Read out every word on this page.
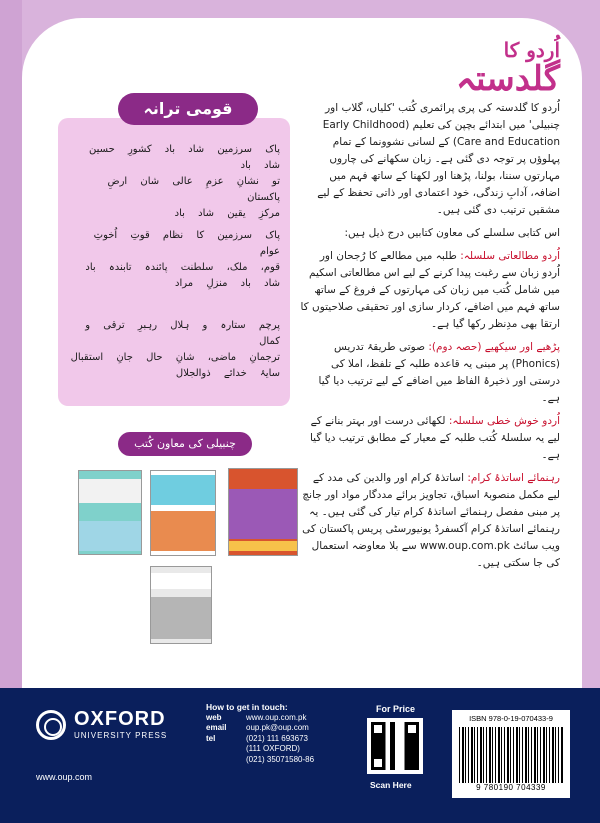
اُردو کا
گلدستہ
قومی ترانہ
پاک سرزمین شاد باد کشورِ حسین شاد باد
تو نشانِ عزمِ عالی شان ارضِ پاکستان
مرکزِ یقین شاد باد
پاک سرزمین کا نظام قوتِ اُخوتِ عوام
قوم، ملک، سلطنت پائندہ تابندہ باد
شاد باد منزلِ مراد
پرچم ستارہ و ہلال رہبرِ ترقی و کمال
ترجمانِ ماضی، شانِ حال جانِ استقبال
سایۂ خدائے ذوالجلال
چنبیلی کی معاون کُتب

اُردو کا گلدستہ کی پری پرائمری کُتب 'کلیاں، گلاب اور چنبیلی' میں ابتدائے بچپن کی تعلیم (Early Childhood Care and Education) کے لسانی نشوونما کے تمام پہلوؤں پر توجہ دی گئی ہے۔ زبان سکھانے کی چاروں مہارتوں سننا، بولنا، پڑھنا اور لکھنا کے ساتھ فہم میں اضافہ، آدابِ زندگی، خود اعتمادی اور ذاتی تحفظ کے لیے مشقیں ترتیب دی گئی ہیں۔

اس کتابی سلسلے کی معاون کتابیں درج ذیل ہیں:

اُردو مطالعاتی سلسلہ: طلبہ میں مطالعے کا رُجحان اور اُردو زبان سے رغبت پیدا کرنے کے لیے اس مطالعاتی اسکیم میں شامل کُتب میں زبان کی مہارتوں کے فروغ کے ساتھ ساتھ فہم میں اضافے، کردار سازی اور تحقیقی صلاحیتوں کا ارتقا بھی مدِنظر رکھا گیا ہے۔

پڑھیے اور سیکھیے (حصہ دوم): صوتی طریقۂ تدریس (Phonics) پر مبنی یہ قاعدہ طلبہ کے تلفظ، املا کی درستی اور ذخیرۂ الفاظ میں اضافے کے لیے ترتیب دیا گیا ہے۔

اُردو خوش خطی سلسلہ: لکھائی درست اور بہتر بنانے کے لیے یہ سلسلۂ کُتب طلبہ کے معیار کے مطابق ترتیب دیا گیا ہے۔

رہنمائے اساتذۂ کرام: اساتذۂ کرام اور والدین کی مدد کے لیے مکمل منصوبۂ اسباق، تجاویز برائے مددگار مواد اور جانچ پر مبنی مفصل رہنمائے اساتذۂ کرام تیار کی گئی ہیں۔ یہ رہنمائے اساتذۂ کرام آکسفرڈ یونیورسٹی پریس پاکستان کی ویب سائٹ www.oup.com.pk سے بلا معاوضہ استعمال کی جا سکتی ہیں۔

OXFORD
UNIVERSITY PRESS
www.oup.com
How to get in touch:
web	www.oup.com.pk
email	oup.pk@oup.com
tel	(021) 111 693673
(111 OXFORD)
(021) 35071580-86
For Price
Scan Here
ISBN 978-0-19-070433-9
9 780190 704339
